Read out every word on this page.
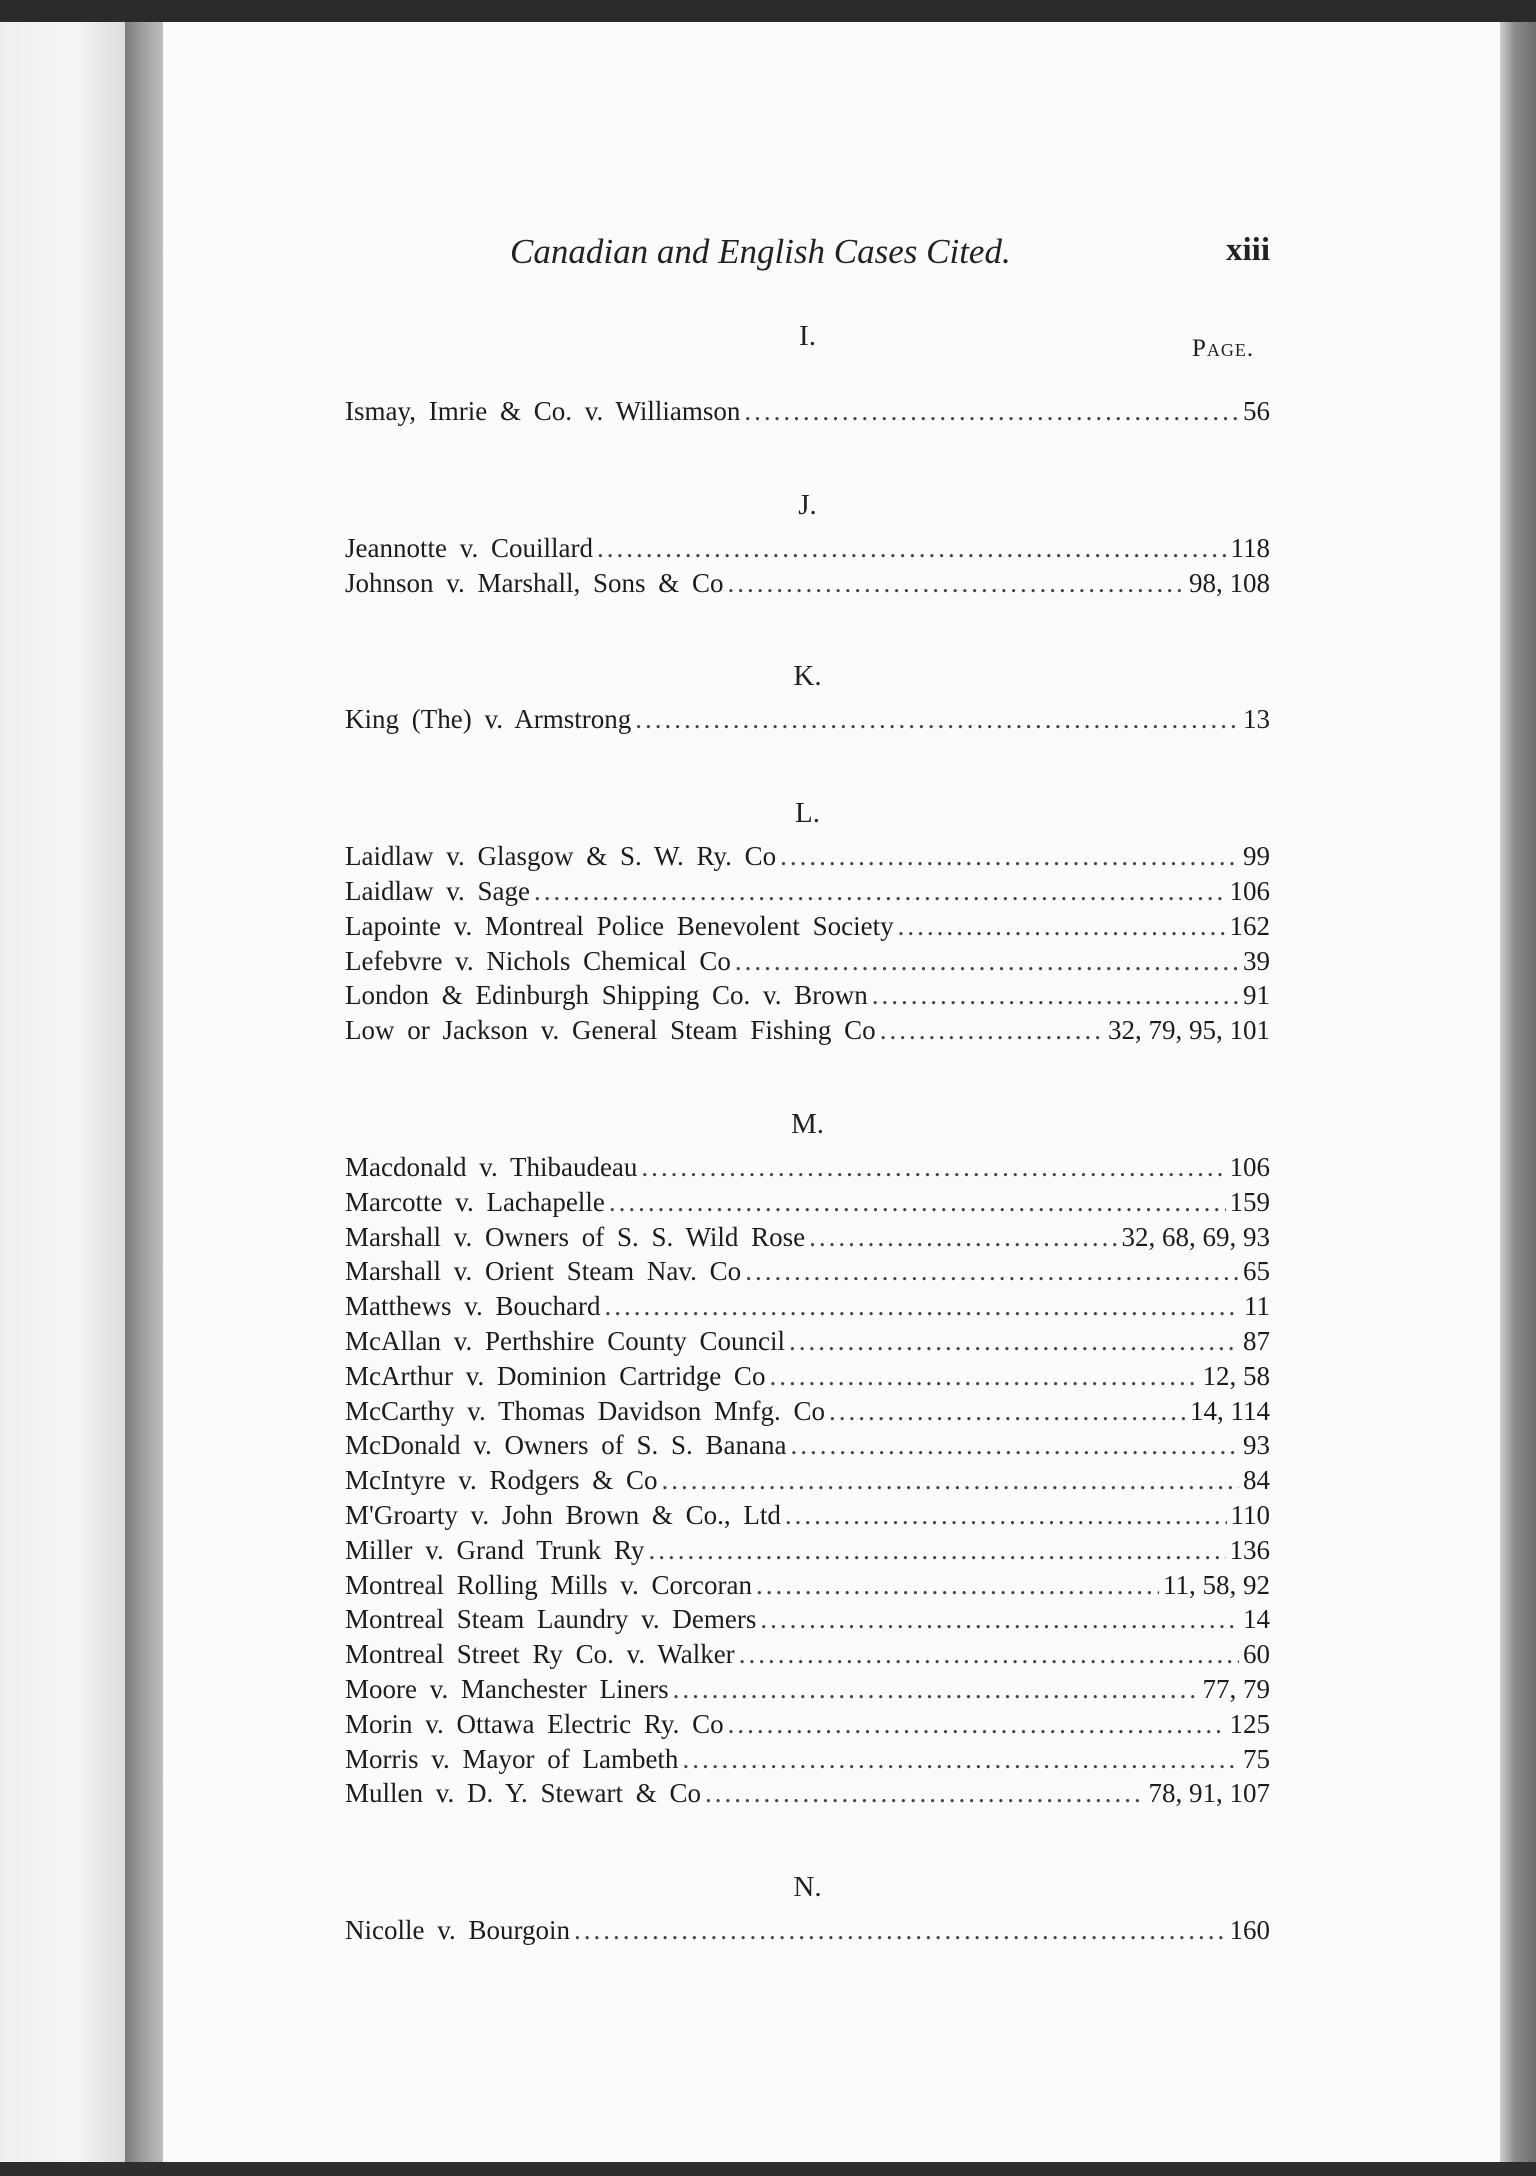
Canadian and English Cases Cited.	xiii
Page.
I.
Ismay, Imrie & Co. v. Williamson .....	56
J.
Jeannotte v. Couillard .....	118
Johnson v. Marshall, Sons & Co .....	98, 108
K.
King (The) v. Armstrong .....	13
L.
Laidlaw v. Glasgow & S. W. Ry. Co .....	99
Laidlaw v. Sage .....	106
Lapointe v. Montreal Police Benevolent Society .....	162
Lefebvre v. Nichols Chemical Co .....	39
London & Edinburgh Shipping Co. v. Brown .....	91
Low or Jackson v. General Steam Fishing Co .....	32, 79, 95, 101
M.
Macdonald v. Thibaudeau .....	106
Marcotte v. Lachapelle .....	159
Marshall v. Owners of S. S. Wild Rose .....	32, 68, 69, 93
Marshall v. Orient Steam Nav. Co .....	65
Matthews v. Bouchard .....	11
McAllan v. Perthshire County Council .....	87
McArthur v. Dominion Cartridge Co .....	12, 58
McCarthy v. Thomas Davidson Mnfg. Co .....	14, 114
McDonald v. Owners of S. S. Banana .....	93
McIntyre v. Rodgers & Co .....	84
M'Groarty v. John Brown & Co., Ltd .....	110
Miller v. Grand Trunk Ry .....	136
Montreal Rolling Mills v. Corcoran .....	11, 58, 92
Montreal Steam Laundry v. Demers .....	14
Montreal Street Ry Co. v. Walker .....	60
Moore v. Manchester Liners .....	77, 79
Morin v. Ottawa Electric Ry. Co .....	125
Morris v. Mayor of Lambeth .....	75
Mullen v. D. Y. Stewart & Co .....	78, 91, 107
N.
Nicolle v. Bourgoin .....	160
